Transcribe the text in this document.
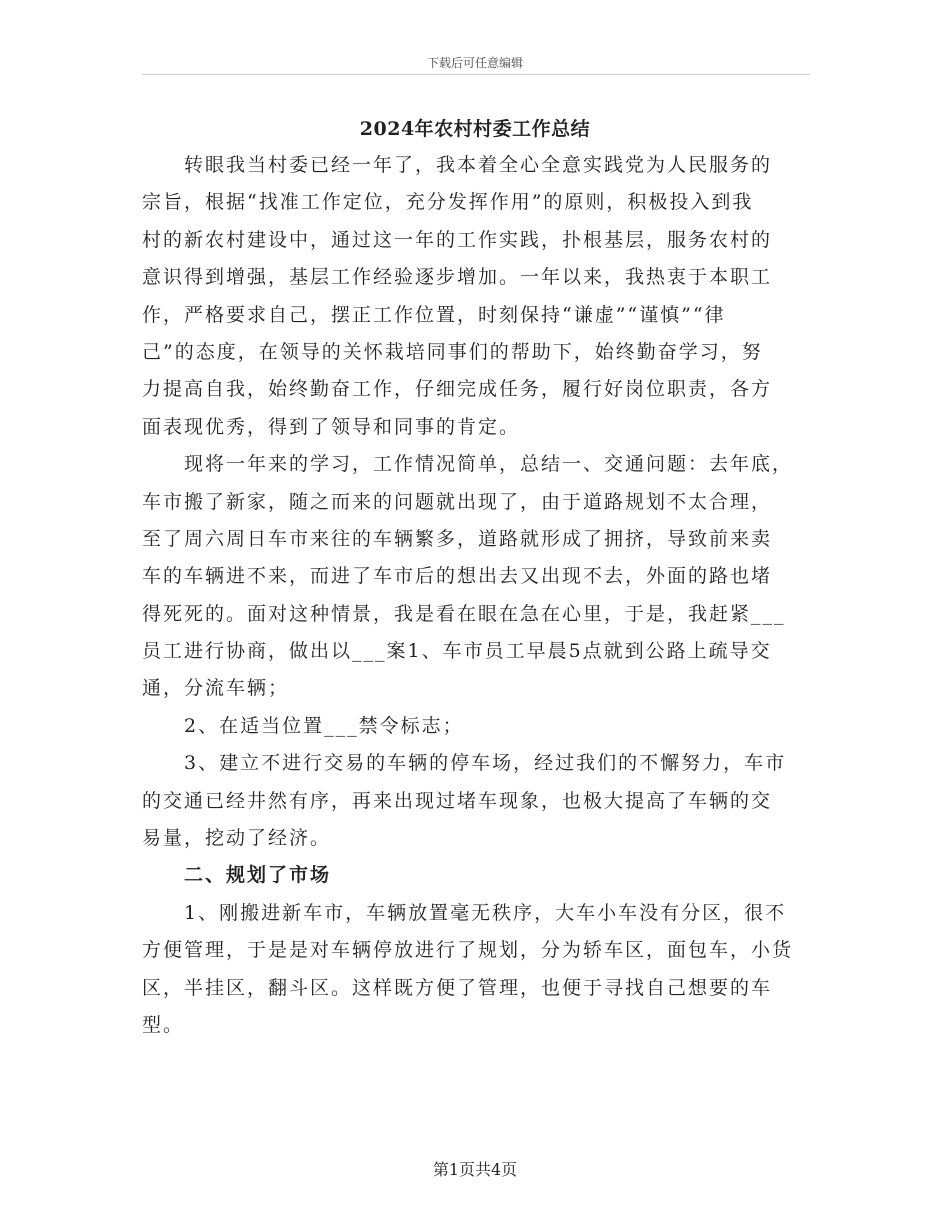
下载后可任意编辑
2024年农村村委工作总结
转眼我当村委已经一年了，我本着全心全意实践党为人民服务的
宗旨，根据“找准工作定位，充分发挥作用”的原则，积极投入到我
村的新农村建设中，通过这一年的工作实践，扑根基层，服务农村的
意识得到增强，基层工作经验逐步增加。一年以来，我热衷于本职工
作，严格要求自己，摆正工作位置，时刻保持“谦虚”“谨慎”“律
己”的态度，在领导的关怀栽培同事们的帮助下，始终勤奋学习，努
力提高自我，始终勤奋工作，仔细完成任务，履行好岗位职责，各方
面表现优秀，得到了领导和同事的肯定。
现将一年来的学习，工作情况简单，总结一、交通问题：去年底，
车市搬了新家，随之而来的问题就出现了，由于道路规划不太合理，
至了周六周日车市来往的车辆繁多，道路就形成了拥挤，导致前来卖
车的车辆进不来，而进了车市后的想出去又出现不去，外面的路也堵
得死死的。面对这种情景，我是看在眼在急在心里，于是，我赶紧___
员工进行协商，做出以___案1、车市员工早晨5点就到公路上疏导交
通，分流车辆；
2、在适当位置___禁令标志；
3、建立不进行交易的车辆的停车场，经过我们的不懈努力，车市
的交通已经井然有序，再来出现过堵车现象，也极大提高了车辆的交
易量，挖动了经济。
二、规划了市场
1、刚搬进新车市，车辆放置毫无秩序，大车小车没有分区，很不
方便管理，于是是对车辆停放进行了规划，分为轿车区，面包车，小货
区，半挂区，翻斗区。这样既方便了管理，也便于寻找自己想要的车
型。
第1页共4页
